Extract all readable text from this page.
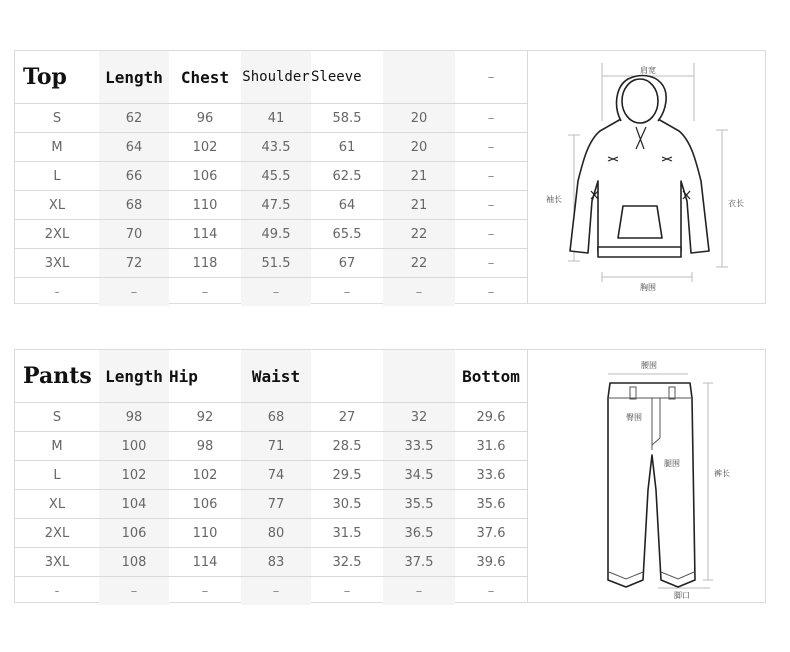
Top	Length	Chest	Shoulder	Sleeve		–
S	62	96	41	58.5	20	–
M	64	102	43.5	61	20	–
L	66	106	45.5	62.5	21	–
XL	68	110	47.5	64	21	–
2XL	70	114	49.5	65.5	22	–
3XL	72	118	51.5	67	22	–
-	–	–	–	–	–	–
肩宽
袖长	衣长
胸围
Pants	Length	Hip	Waist			Bottom
S	98	92	68	27	32	29.6
M	100	98	71	28.5	33.5	31.6
L	102	102	74	29.5	34.5	33.6
XL	104	106	77	30.5	35.5	35.6
2XL	106	110	80	31.5	36.5	37.6
3XL	108	114	83	32.5	37.5	39.6
-	–	–	–	–	–	–
腰围
臀围
腿围
裤长
脚口
